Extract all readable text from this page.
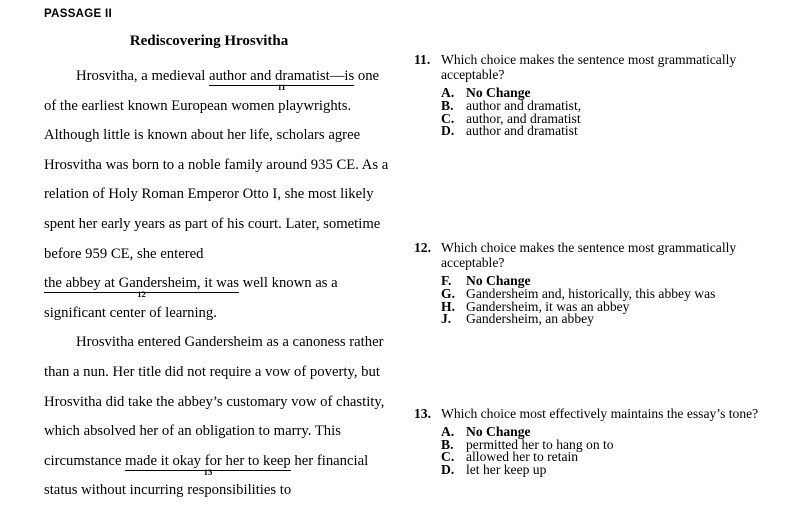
PASSAGE II
Rediscovering Hrosvitha

Hrosvitha, a medieval author and dramatist—is
11
one of the earliest known European women playwrights. Although little is known about her life, scholars agree Hrosvitha was born to a noble family around 935 CE. As a relation of Holy Roman Emperor Otto I, she most likely spent her early years as part of his court. Later, sometime before 959 CE, she entered the abbey at Gandersheim, it was
12
well known as a significant center of learning.

Hrosvitha entered Gandersheim as a canoness rather than a nun. Her title did not require a vow of poverty, but Hrosvitha did take the abbey’s customary vow of chastity, which absolved her of an obligation to marry. This circumstance made it okay for her to keep
13
her financial status without incurring responsibilities to

11. Which choice makes the sentence most grammatically acceptable?
A. No Change
B. author and dramatist,
C. author, and dramatist
D. author and dramatist
12. Which choice makes the sentence most grammatically acceptable?
F. No Change
G. Gandersheim and, historically, this abbey was
H. Gandersheim, it was an abbey
J. Gandersheim, an abbey
13. Which choice most effectively maintains the essay’s tone?
A. No Change
B. permitted her to hang on to
C. allowed her to retain
D. let her keep up
